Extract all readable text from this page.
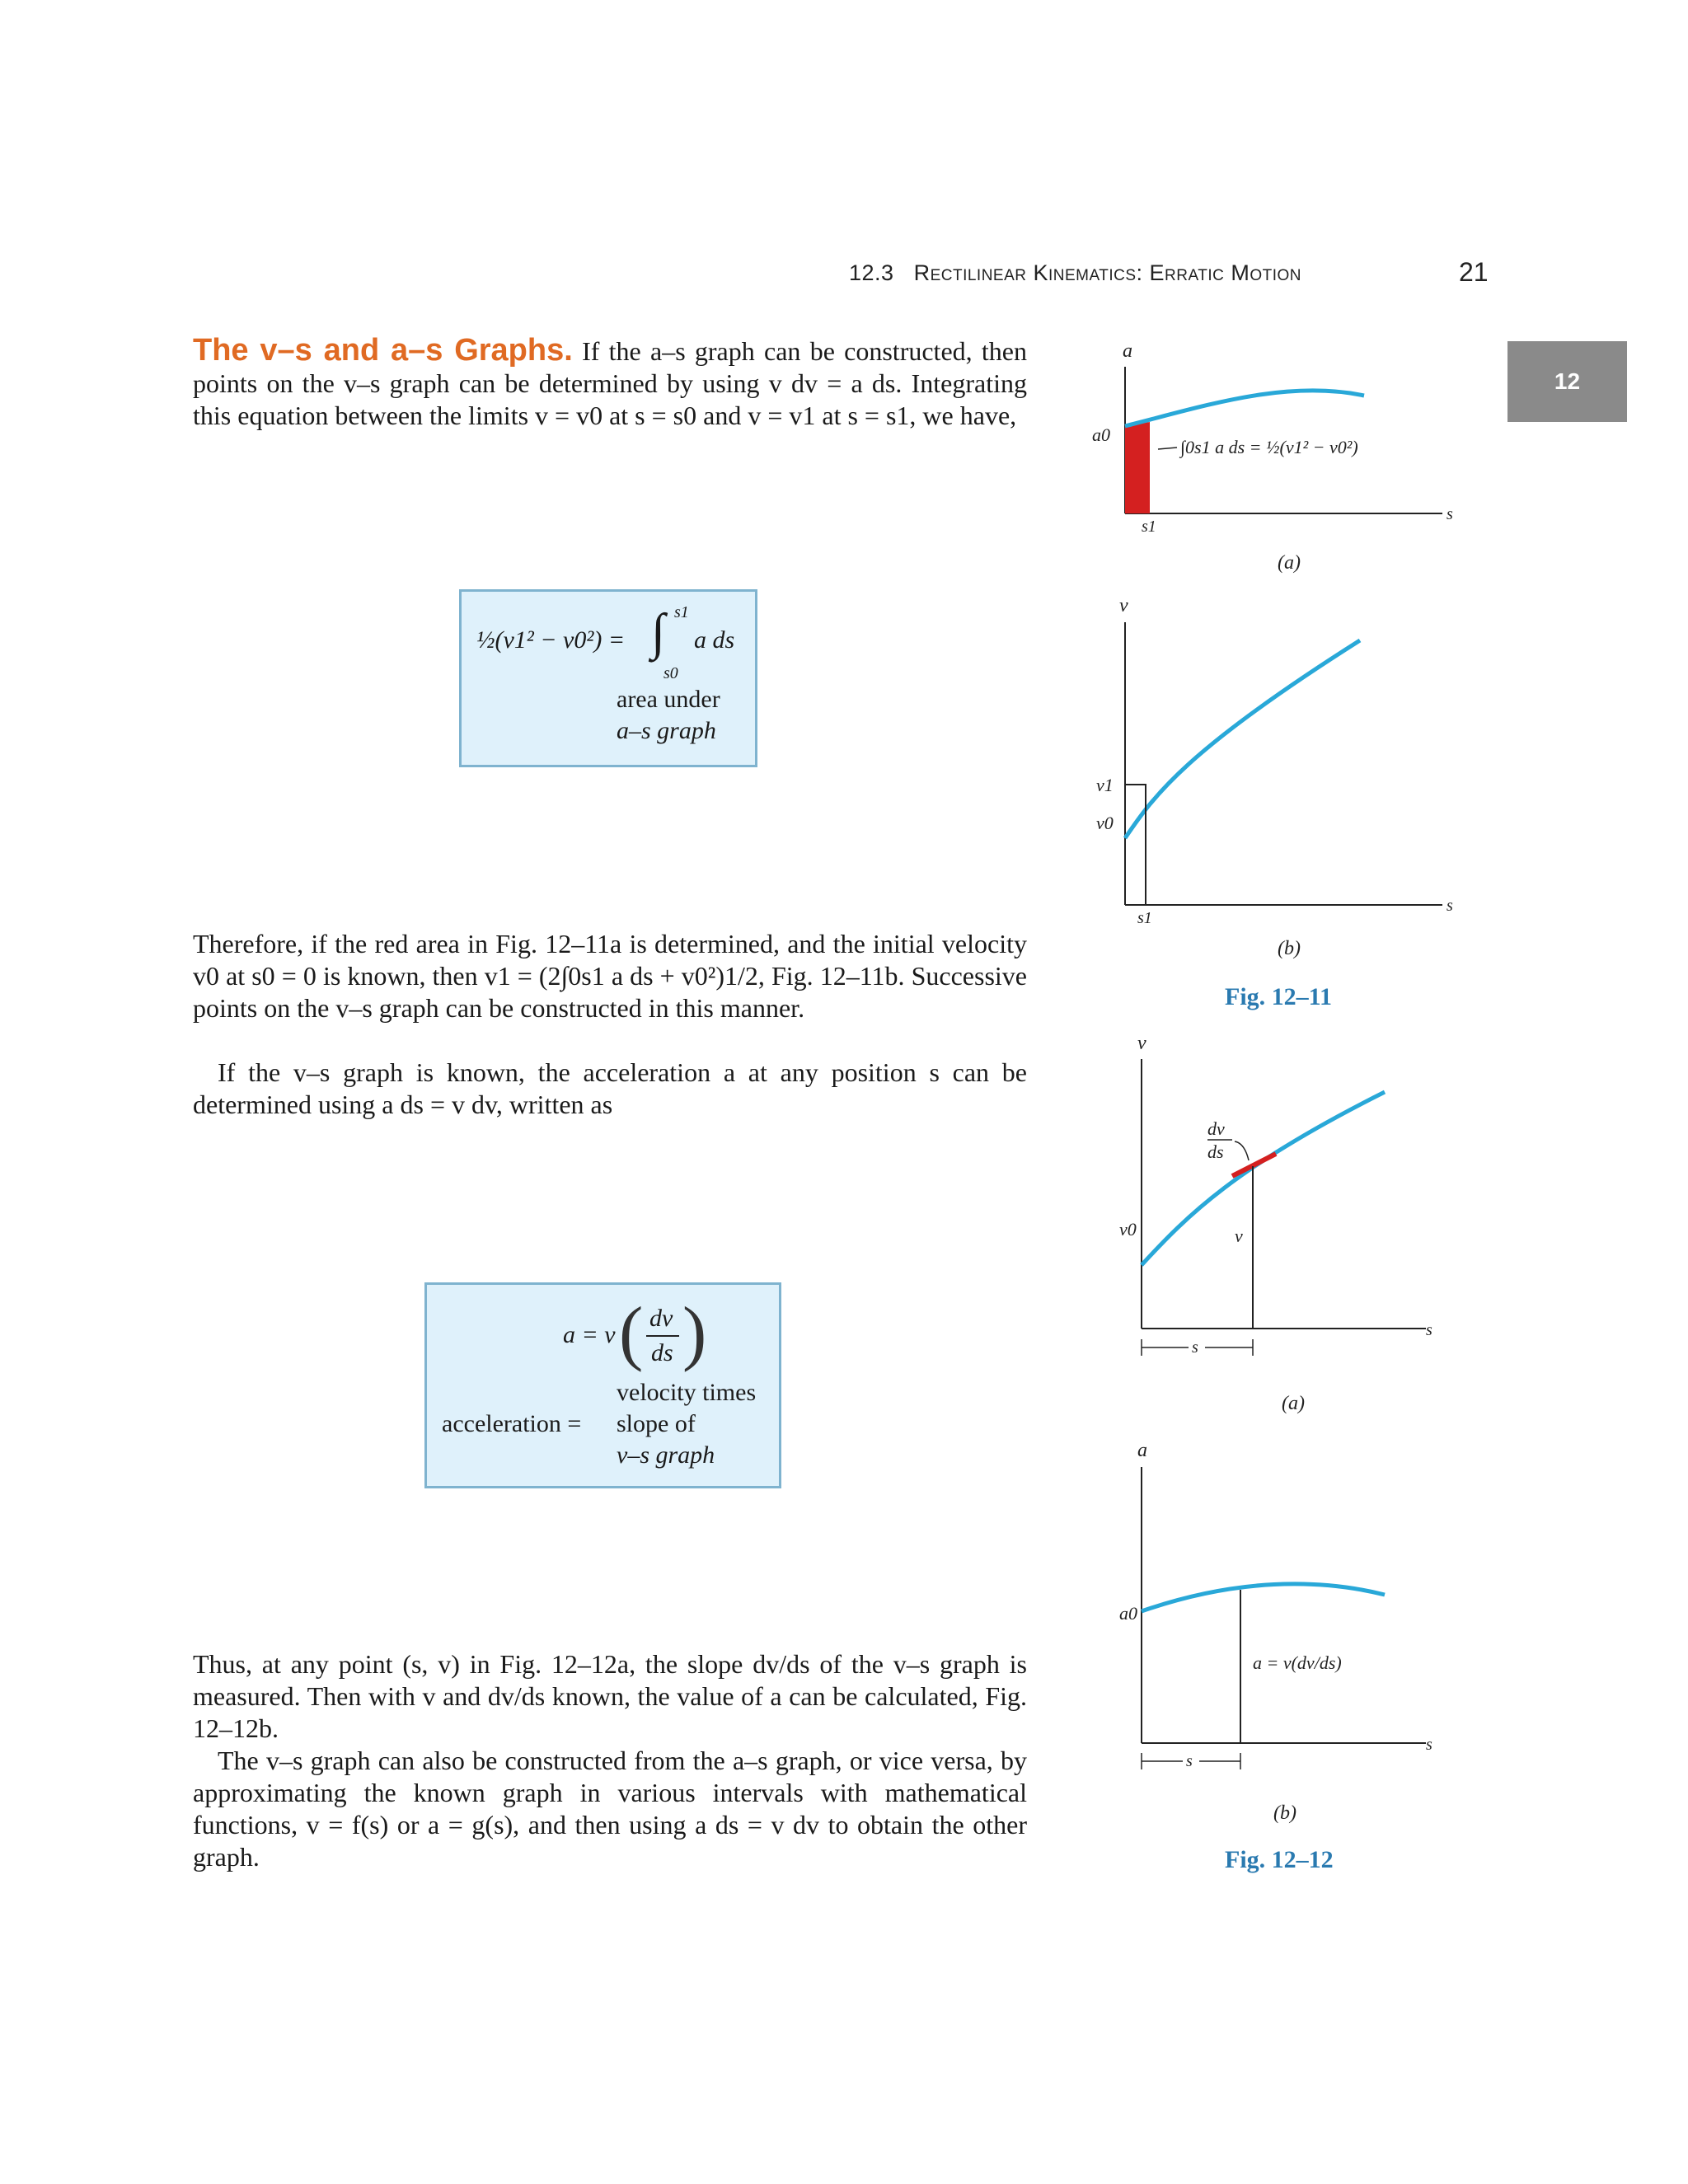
12.3 Rectilinear Kinematics: Erratic Motion	21
12
The v–s and a–s Graphs. If the a–s graph can be constructed, then points on the v–s graph can be determined by using v dv = a ds. Integrating this equation between the limits v = v0 at s = s0 and v = v1 at s = s1, we have,
½(v1² − v0²) = ∫ s1
s0
a ds
area under
a–s graph
Therefore, if the red area in Fig. 12–11a is determined, and the initial velocity v0 at s0 = 0 is known, then v1 = (2∫0s1 a ds + v0²)1/2, Fig. 12–11b. Successive points on the v–s graph can be constructed in this manner.
If the v–s graph is known, the acceleration a at any position s can be determined using a ds = v dv, written as
a = v ( dv
ds )
velocity times
acceleration = slope of
v–s graph
Thus, at any point (s, v) in Fig. 12–12a, the slope dv/ds of the v–s graph is measured. Then with v and dv/ds known, the value of a can be calculated, Fig. 12–12b.
The v–s graph can also be constructed from the a–s graph, or vice versa, by approximating the known graph in various intervals with mathematical functions, v = f(s) or a = g(s), and then using a ds = v dv to obtain the other graph.
a
a0
s1
s
∫0s1 a ds = ½(v1² − v0²)
(a)
v
v1
v0
s1
s
(b)
Fig. 12–11
v
dv
ds
v
v0
s
s
(a)
a
a0
a = v(dv/ds)
s
s
(b)
Fig. 12–12
